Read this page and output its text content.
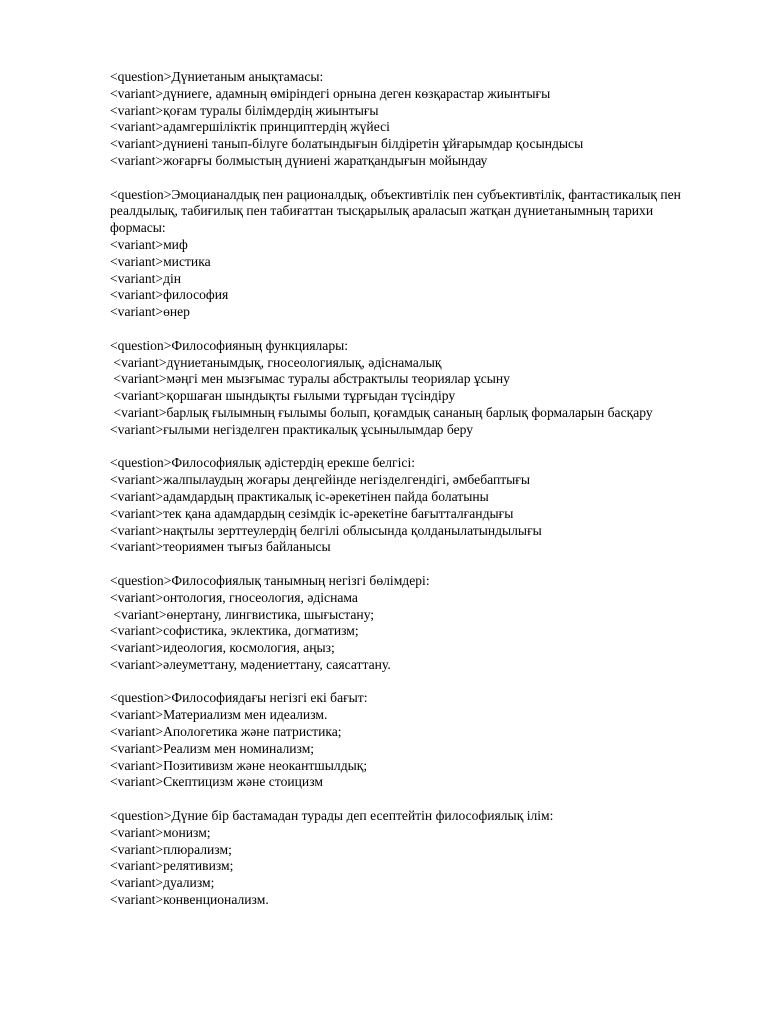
<question>Дүниетаным анықтамасы:

<variant>дүниеге, адамның өміріндегі орнына деген көзқарастар жиынтығы

<variant>қоғам туралы білімдердің жиынтығы

<variant>адамгершіліктік принциптердің жүйесі

<variant>дүниені танып-білуге болатындығын білдіретін ұйғарымдар қосындысы

<variant>жоғарғы болмыстың дүниені жаратқандығын мойындау

<question>Эмоцианалдық пен рационалдық, объективтілік пен субъективтілік, фантастикалық пен реалдылық, табиғилық пен табиғаттан тысқарылық араласып жатқан дүниетанымның тарихи формасы:

<variant>миф

<variant>мистика

<variant>дін

<variant>философия

<variant>өнер

<question>Философияның функциялары:

<variant>дүниетанымдық, гносеологиялық, әдіснамалық

<variant>мәңгі мен мызғымас туралы абстрактылы теориялар ұсыну

<variant>қоршаған шындықты ғылыми тұрғыдан түсіндіру

<variant>барлық ғылымның ғылымы болып, қоғамдық сананың барлық формаларын басқару

<variant>ғылыми негізделген практикалық ұсынылымдар беру

<question>Философиялық әдістердің ерекше белгісі:

<variant>жалпылаудың жоғары деңгейінде негізделгендігі, әмбебаптығы

<variant>адамдардың практикалық іс-әрекетінен пайда болатыны

<variant>тек қана адамдардың сезімдік іс-әрекетіне бағытталғандығы

<variant>нақтылы зерттеулердің белгілі облысында қолданылатындылығы

<variant>теориямен тығыз байланысы

<question>Философиялық танымның негізгі бөлімдері:

<variant>онтология, гносеология, әдіснама

<variant>өнертану, лингвистика, шығыстану;

<variant>софистика, эклектика, догматизм;

<variant>идеология, космология, аңыз;

<variant>әлеуметтану, мәдениеттану, саясаттану.

<question>Философиядағы негізгі екі бағыт:

<variant>Материализм мен идеализм.

<variant>Апологетика және патристика;

<variant>Реализм мен номинализм;

<variant>Позитивизм және неокантшылдық;

<variant>Скептицизм және стоицизм

<question>Дүние бір бастамадан турады деп есептейтін философиялық ілім:

<variant>монизм;

<variant>плюрализм;

<variant>релятивизм;

<variant>дуализм;

<variant>конвенционализм.
